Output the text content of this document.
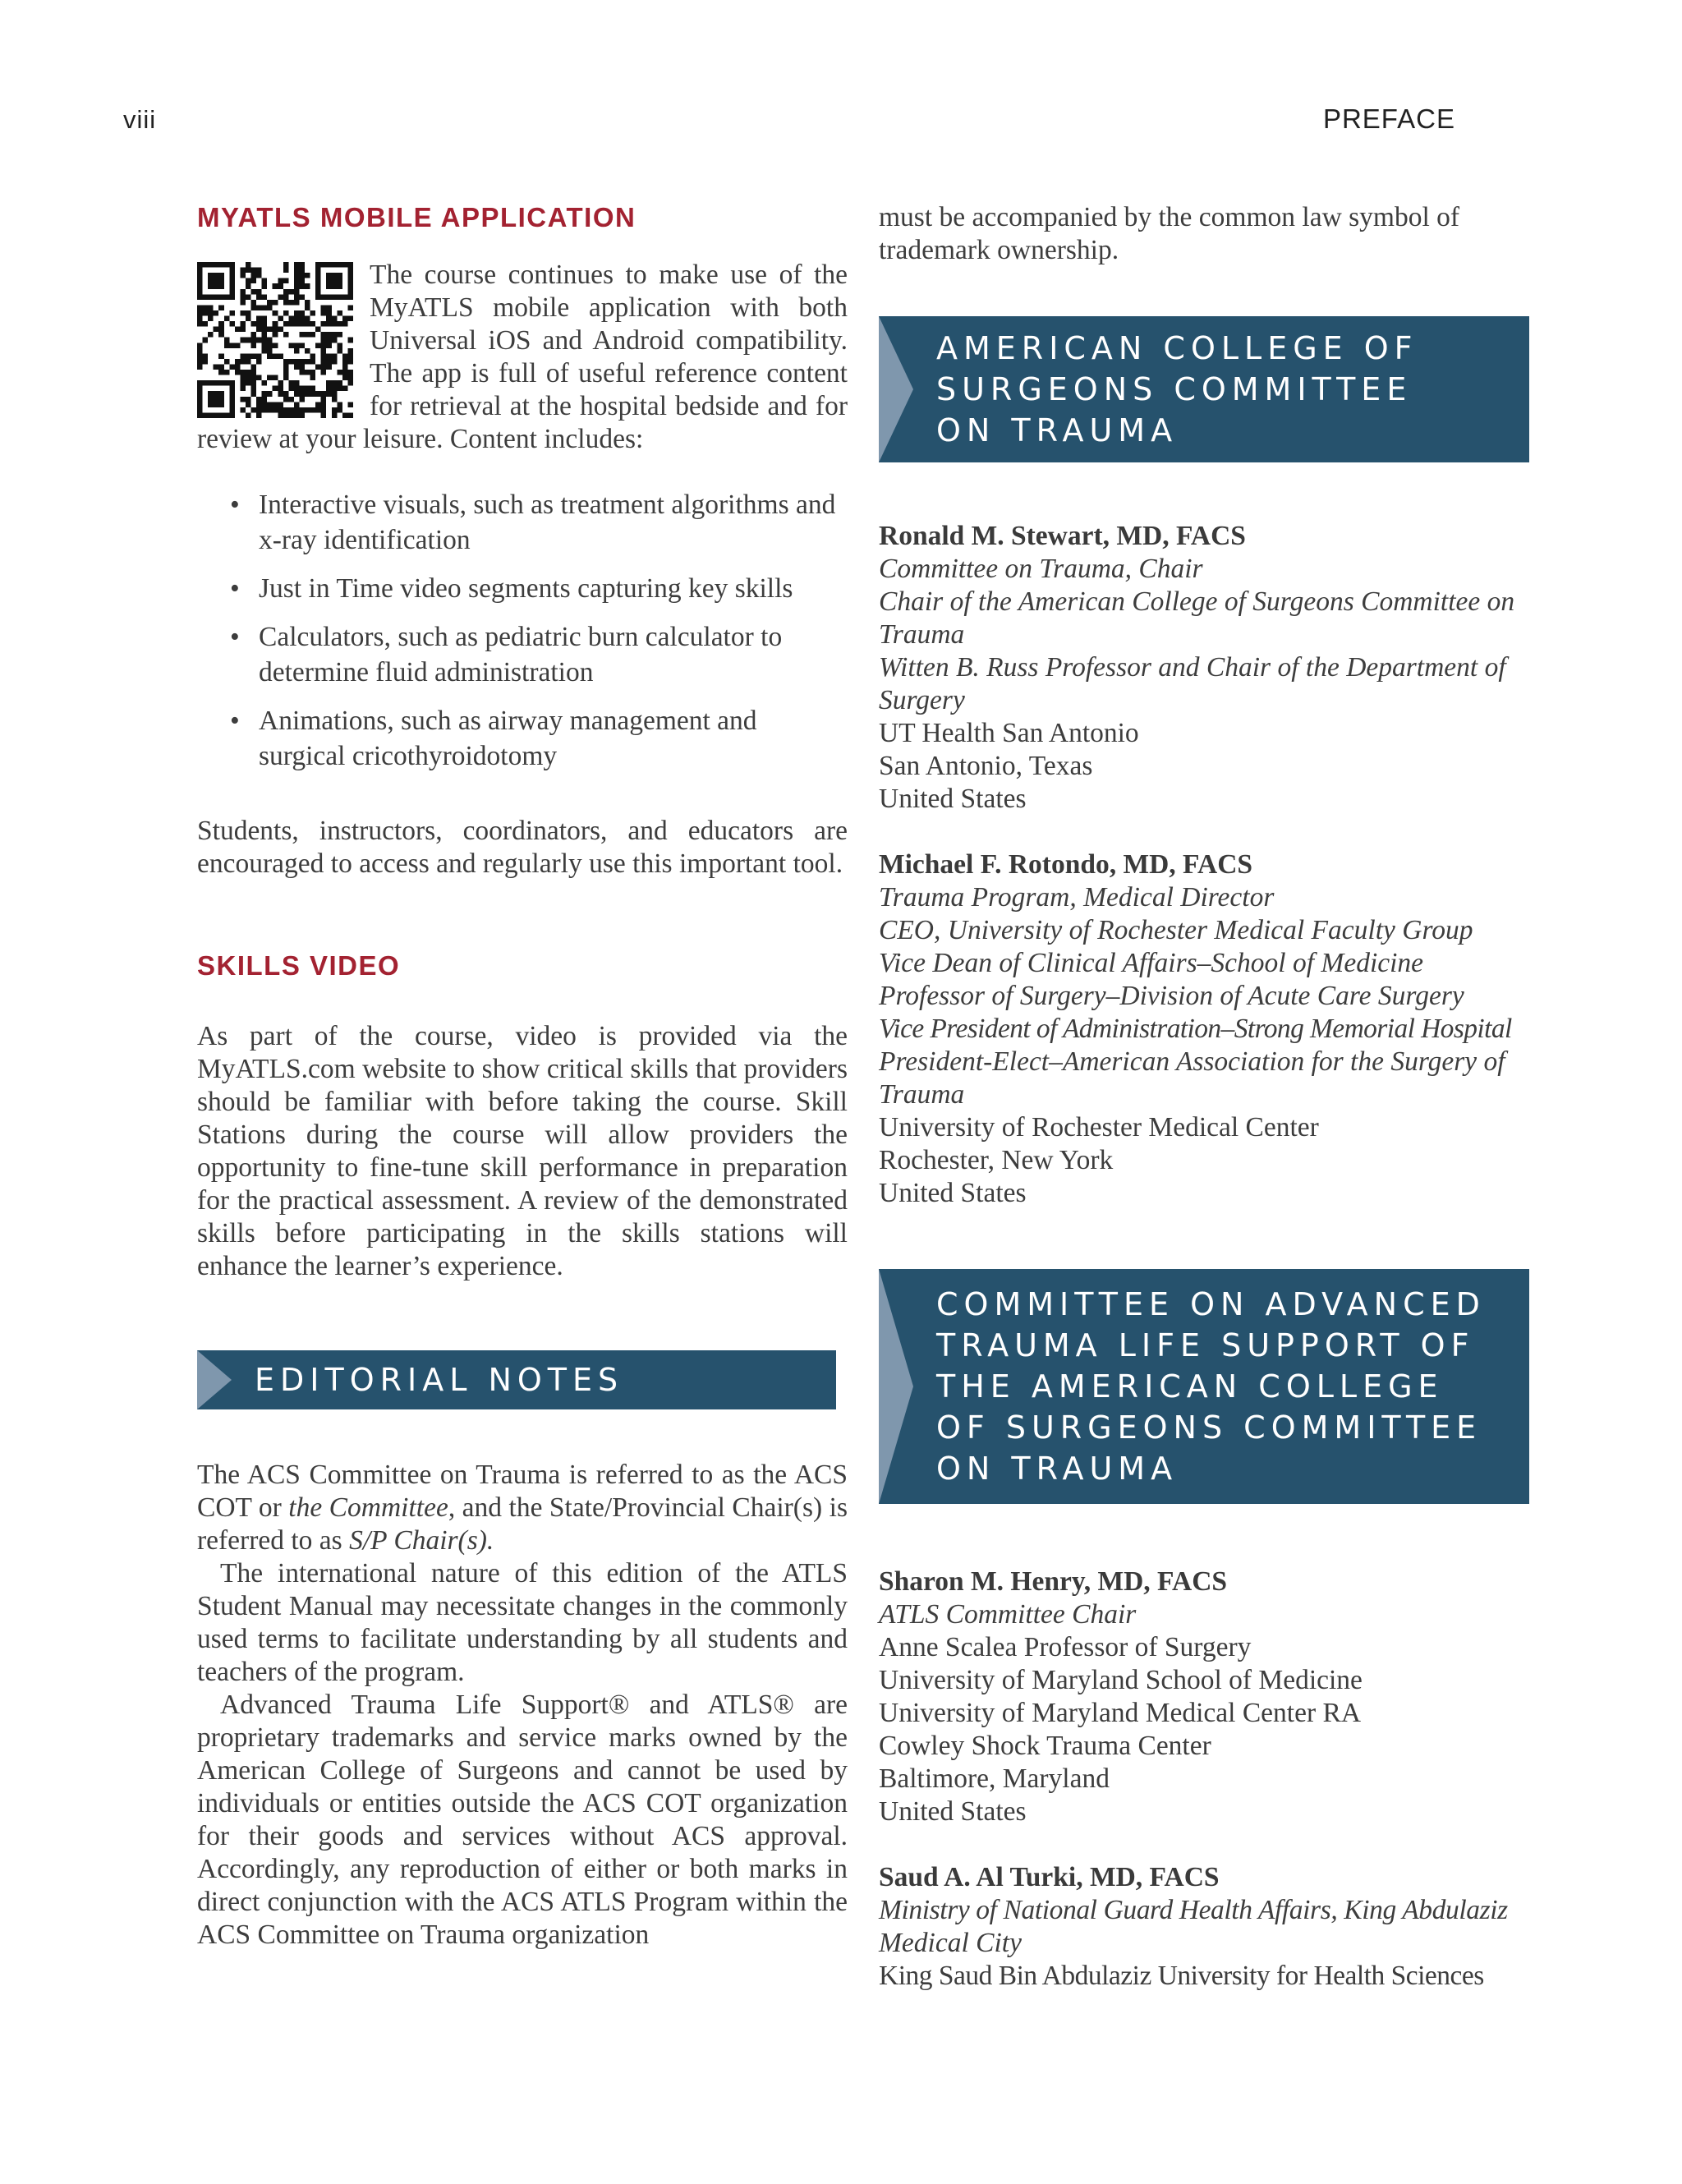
viii	PREFACE
MYATLS MOBILE APPLICATION

The course continues to make use of the MyATLS mobile application with both Universal iOS and Android compatibility. The app is full of useful reference content for retrieval at the hospital bedside and for review at your leisure. Content includes:

• Interactive visuals, such as treatment algorithms and x-ray identification
• Just in Time video segments capturing key skills
• Calculators, such as pediatric burn calculator to determine fluid administration
• Animations, such as airway management and surgical cricothyroidotomy

Students, instructors, coordinators, and educators are encouraged to access and regularly use this important tool.

SKILLS VIDEO

As part of the course, video is provided via the MyATLS.com website to show critical skills that providers should be familiar with before taking the course. Skill Stations during the course will allow providers the opportunity to fine-tune skill performance in preparation for the practical assessment. A review of the demonstrated skills before participating in the skills stations will enhance the learner’s experience.

EDITORIAL NOTES

The ACS Committee on Trauma is referred to as the ACS COT or the Committee, and the State/Provincial Chair(s) is referred to as S/P Chair(s).

The international nature of this edition of the ATLS Student Manual may necessitate changes in the commonly used terms to facilitate understanding by all students and teachers of the program.

Advanced Trauma Life Support® and ATLS® are proprietary trademarks and service marks owned by the American College of Surgeons and cannot be used by individuals or entities outside the ACS COT organization for their goods and services without ACS approval. Accordingly, any reproduction of either or both marks in direct conjunction with the ACS ATLS Program within the ACS Committee on Trauma organization

must be accompanied by the common law symbol of trademark ownership.

AMERICAN COLLEGE OF
SURGEONS COMMITTEE
ON TRAUMA
Ronald M. Stewart, MD, FACS
Committee on Trauma, Chair
Chair of the American College of Surgeons Committee on
Trauma
Witten B. Russ Professor and Chair of the Department of
Surgery
UT Health San Antonio
San Antonio, Texas
United States
Michael F. Rotondo, MD, FACS
Trauma Program, Medical Director
CEO, University of Rochester Medical Faculty Group
Vice Dean of Clinical Affairs–School of Medicine
Professor of Surgery–Division of Acute Care Surgery
Vice President of Administration–Strong Memorial Hospital
President-Elect–American Association for the Surgery of
Trauma
University of Rochester Medical Center
Rochester, New York
United States
COMMITTEE ON ADVANCED
TRAUMA LIFE SUPPORT OF
THE AMERICAN COLLEGE
OF SURGEONS COMMITTEE
ON TRAUMA
Sharon M. Henry, MD, FACS
ATLS Committee Chair
Anne Scalea Professor of Surgery
University of Maryland School of Medicine
University of Maryland Medical Center RA
Cowley Shock Trauma Center
Baltimore, Maryland
United States
Saud A. Al Turki, MD, FACS
Ministry of National Guard Health Affairs, King Abdulaziz
Medical City
King Saud Bin Abdulaziz University for Health Sciences
